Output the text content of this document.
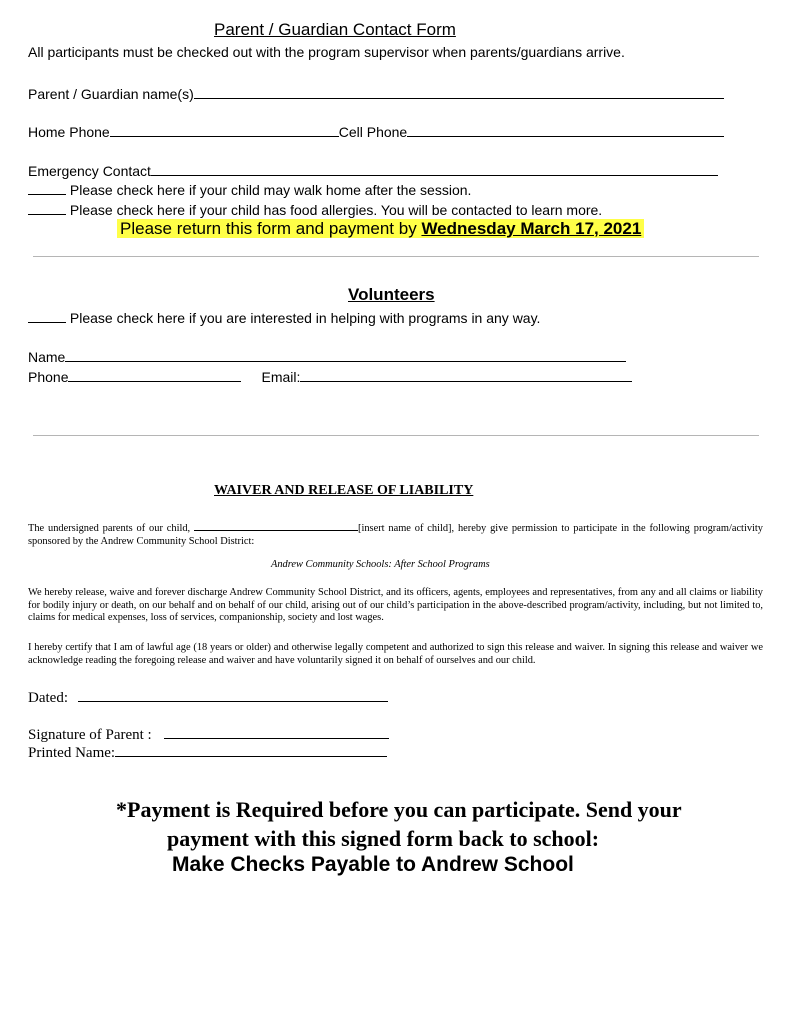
Parent / Guardian Contact Form
All participants must be checked out with the program supervisor when parents/guardians arrive.
Parent / Guardian name(s)
Home Phone	Cell Phone
Emergency Contact
Please check here if your child may walk home after the session.
Please check here if your child has food allergies. You will be contacted to learn more.
Please return this form and payment by Wednesday March 17, 2021
Volunteers
Please check here if you are interested in helping with programs in any way.
Name
Phone	Email:
WAIVER AND RELEASE OF LIABILITY
The undersigned parents of our child,	[insert name of child], hereby give permission to participate in the following program/activity sponsored by the Andrew Community School District:
Andrew Community Schools: After School Programs
We hereby release, waive and forever discharge Andrew Community School District, and its officers, agents, employees and representatives, from any and all claims or liability for bodily injury or death, on our behalf and on behalf of our child, arising out of our child’s participation in the above-described program/activity, including, but not limited to, claims for medical expenses, loss of services, companionship, society and lost wages.
I hereby certify that I am of lawful age (18 years or older) and otherwise legally competent and authorized to sign this release and waiver. In signing this release and waiver we acknowledge reading the foregoing release and waiver and have voluntarily signed it on behalf of ourselves and our child.
Dated:
Signature of Parent :
Printed Name:
*Payment is Required before you can participate. Send your
payment with this signed form back to school:
Make Checks Payable to Andrew School
